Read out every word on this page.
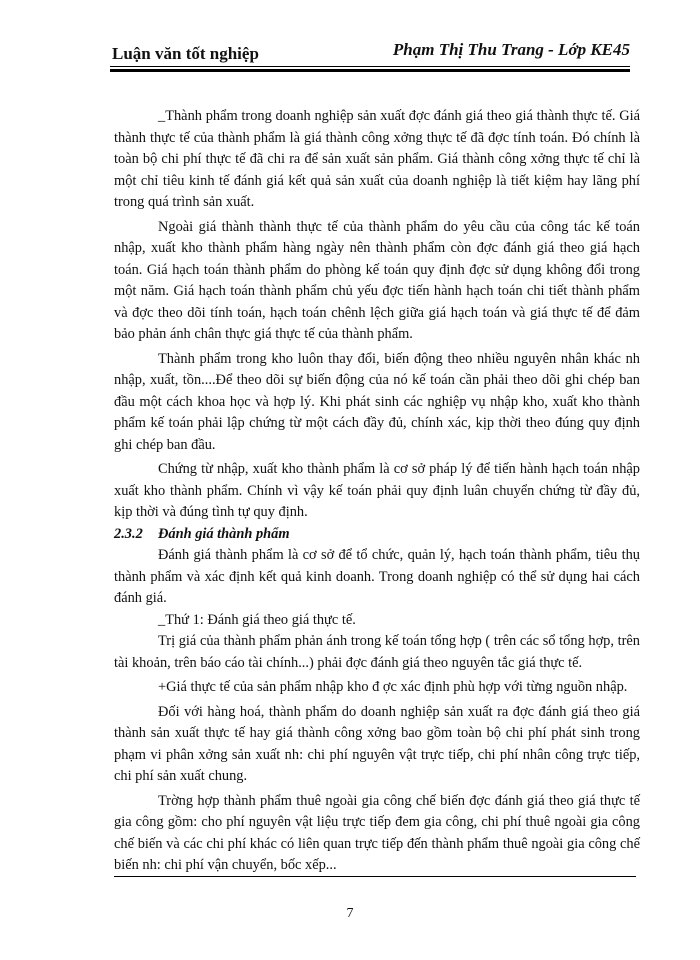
Luận văn tốt nghiệp	Phạm Thị Thu Trang - Lớp KE45

_Thành phẩm trong doanh nghiệp sản xuất đợc đánh giá theo giá thành thực tế. Giá thành thực tế của thành phẩm là giá thành công xởng thực tế đã đợc tính toán. Đó chính là toàn bộ chi phí thực tế đã chi ra để sản xuất sản phẩm. Giá thành công xởng thực tế chỉ là một chỉ tiêu kinh tế đánh giá kết quả sản xuất của doanh nghiệp là tiết kiệm hay lãng phí trong quá trình sản xuất.

Ngoài giá thành thành thực tế của thành phẩm do yêu cầu của công tác kế toán nhập, xuất kho thành phẩm hàng ngày nên thành phẩm còn đợc đánh giá theo giá hạch toán. Giá hạch toán thành phẩm do phòng kế toán quy định đợc sử dụng không đổi trong một năm. Giá hạch toán thành phẩm chủ yếu đợc tiến hành hạch toán chi tiết thành phẩm và đợc theo dõi tính toán, hạch toán chênh lệch giữa giá hạch toán và giá thực tế để đảm bảo phản ánh chân thực giá thực tế của thành phẩm.

Thành phẩm trong kho luôn thay đổi, biến động theo nhiều nguyên nhân khác nh nhập, xuất, tồn....Để theo dõi sự biến động của nó kế toán cần phải theo dõi ghi chép ban đầu một cách khoa học và hợp lý. Khi phát sinh các nghiệp vụ nhập kho, xuất kho thành phẩm kế toán phải lập chứng từ một cách đầy đủ, chính xác, kịp thời theo đúng quy định ghi chép ban đầu.

Chứng từ nhập, xuất kho thành phẩm là cơ sở pháp lý để tiến hành hạch toán nhập xuất kho thành phẩm. Chính vì vậy kế toán phải quy định luân chuyển chứng từ đầy đủ, kịp thời và đúng tình tự quy định.

2.3.2 Đánh giá thành phẩm

Đánh giá thành phẩm là cơ sở để tổ chức, quản lý, hạch toán thành phẩm, tiêu thụ thành phẩm và xác định kết quả kinh doanh. Trong doanh nghiệp có thể sử dụng hai cách đánh giá.

_Thứ 1: Đánh giá theo giá thực tế.

Trị giá của thành phẩm phản ánh trong kế toán tổng hợp ( trên các sổ tổng hợp, trên tài khoản, trên báo cáo tài chính...) phải đợc đánh giá theo nguyên tắc giá thực tế.

+Giá thực tế của sản phẩm nhập kho đ ợc xác định phù hợp với từng nguồn nhập.

Đối với hàng hoá, thành phẩm do doanh nghiệp sản xuất ra đợc đánh giá theo giá thành sản xuất thực tế hay giá thành công xởng bao gồm toàn bộ chi phí phát sinh trong phạm vi phân xởng sản xuất nh: chi phí nguyên vật trực tiếp, chi phí nhân công trực tiếp, chi phí sản xuất chung.

Trờng hợp thành phẩm thuê ngoài gia công chế biến đợc đánh giá theo giá thực tế gia công gồm: cho phí nguyên vật liệu trực tiếp đem gia công, chi phí thuê ngoài gia công chế biến và các chi phí khác có liên quan trực tiếp đến thành phẩm thuê ngoài gia công chế biến nh: chi phí vận chuyển, bốc xếp...

7
